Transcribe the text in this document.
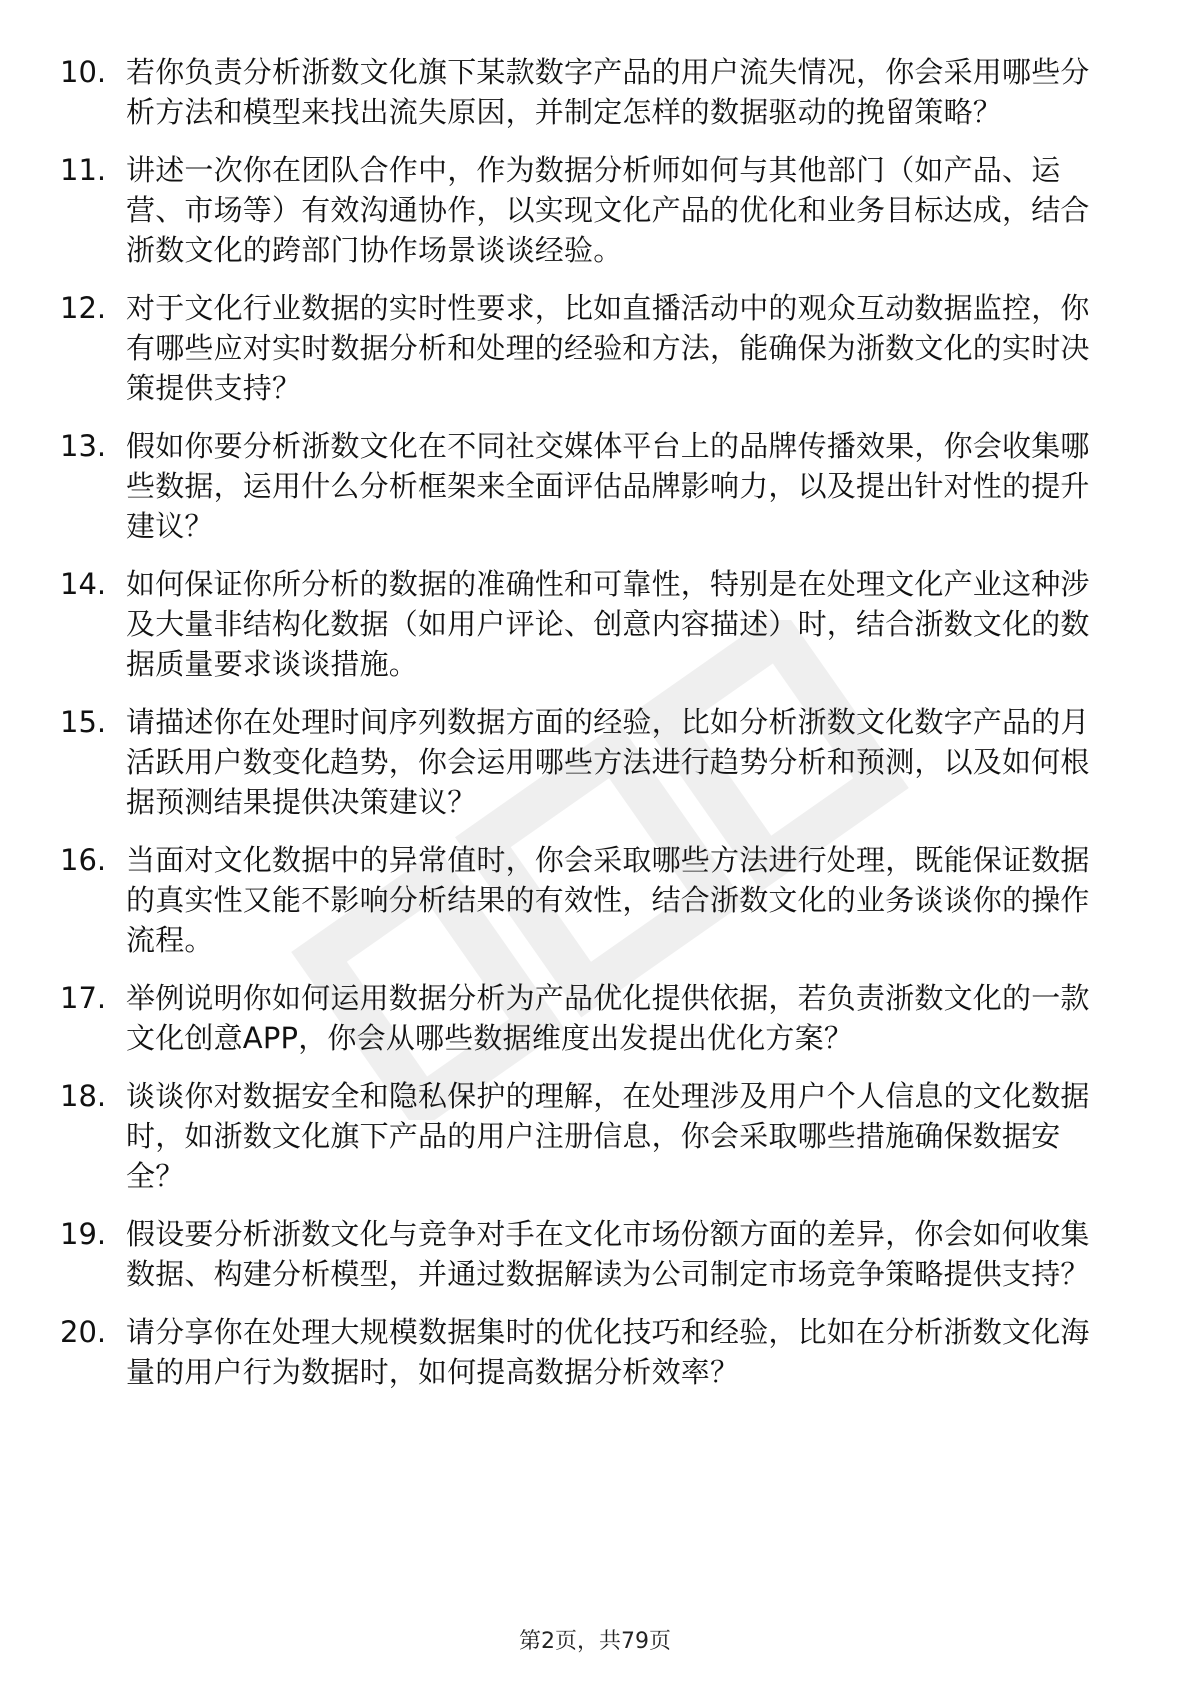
10. 若你负责分析浙数文化旗下某款数字产品的用户流失情况，你会采用哪些分析方法和模型来找出流失原因，并制定怎样的数据驱动的挽留策略？
11. 讲述一次你在团队合作中，作为数据分析师如何与其他部门（如产品、运营、市场等）有效沟通协作，以实现文化产品的优化和业务目标达成，结合浙数文化的跨部门协作场景谈谈经验。
12. 对于文化行业数据的实时性要求，比如直播活动中的观众互动数据监控，你有哪些应对实时数据分析和处理的经验和方法，能确保为浙数文化的实时决策提供支持？
13. 假如你要分析浙数文化在不同社交媒体平台上的品牌传播效果，你会收集哪些数据，运用什么分析框架来全面评估品牌影响力，以及提出针对性的提升建议？
14. 如何保证你所分析的数据的准确性和可靠性，特别是在处理文化产业这种涉及大量非结构化数据（如用户评论、创意内容描述）时，结合浙数文化的数据质量要求谈谈措施。
15. 请描述你在处理时间序列数据方面的经验，比如分析浙数文化数字产品的月活跃用户数变化趋势，你会运用哪些方法进行趋势分析和预测，以及如何根据预测结果提供决策建议？
16. 当面对文化数据中的异常值时，你会采取哪些方法进行处理，既能保证数据的真实性又能不影响分析结果的有效性，结合浙数文化的业务谈谈你的操作流程。
17. 举例说明你如何运用数据分析为产品优化提供依据，若负责浙数文化的一款文化创意APP，你会从哪些数据维度出发提出优化方案？
18. 谈谈你对数据安全和隐私保护的理解，在处理涉及用户个人信息的文化数据时，如浙数文化旗下产品的用户注册信息，你会采取哪些措施确保数据安全？
19. 假设要分析浙数文化与竞争对手在文化市场份额方面的差异，你会如何收集数据、构建分析模型，并通过数据解读为公司制定市场竞争策略提供支持？
20. 请分享你在处理大规模数据集时的优化技巧和经验，比如在分析浙数文化海量的用户行为数据时，如何提高数据分析效率？
第2页，共79页
